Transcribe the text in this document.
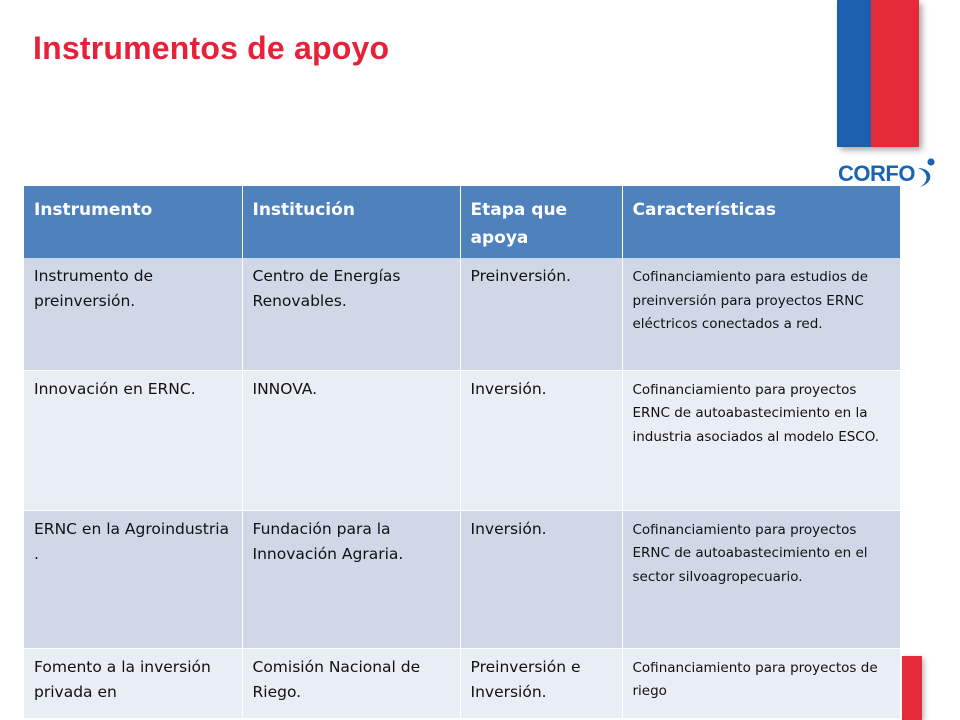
Instrumentos de apoyo
CORFO
Instrumento	Institución	Etapa que apoya	Características
Instrumento de preinversión.	Centro de Energías Renovables.	Preinversión.	Cofinanciamiento para estudios de preinversión para proyectos ERNC eléctricos conectados a red.
Innovación en ERNC.	INNOVA.	Inversión.	Cofinanciamiento para proyectos ERNC de autoabastecimiento en la industria asociados al modelo ESCO.
ERNC en la Agroindustria .	Fundación para la Innovación Agraria.	Inversión.	Cofinanciamiento para proyectos ERNC de autoabastecimiento en el sector silvoagropecuario.
Fomento a la inversión privada en	Comisión Nacional de Riego.	Preinversión e Inversión.	Cofinanciamiento para proyectos de riego
